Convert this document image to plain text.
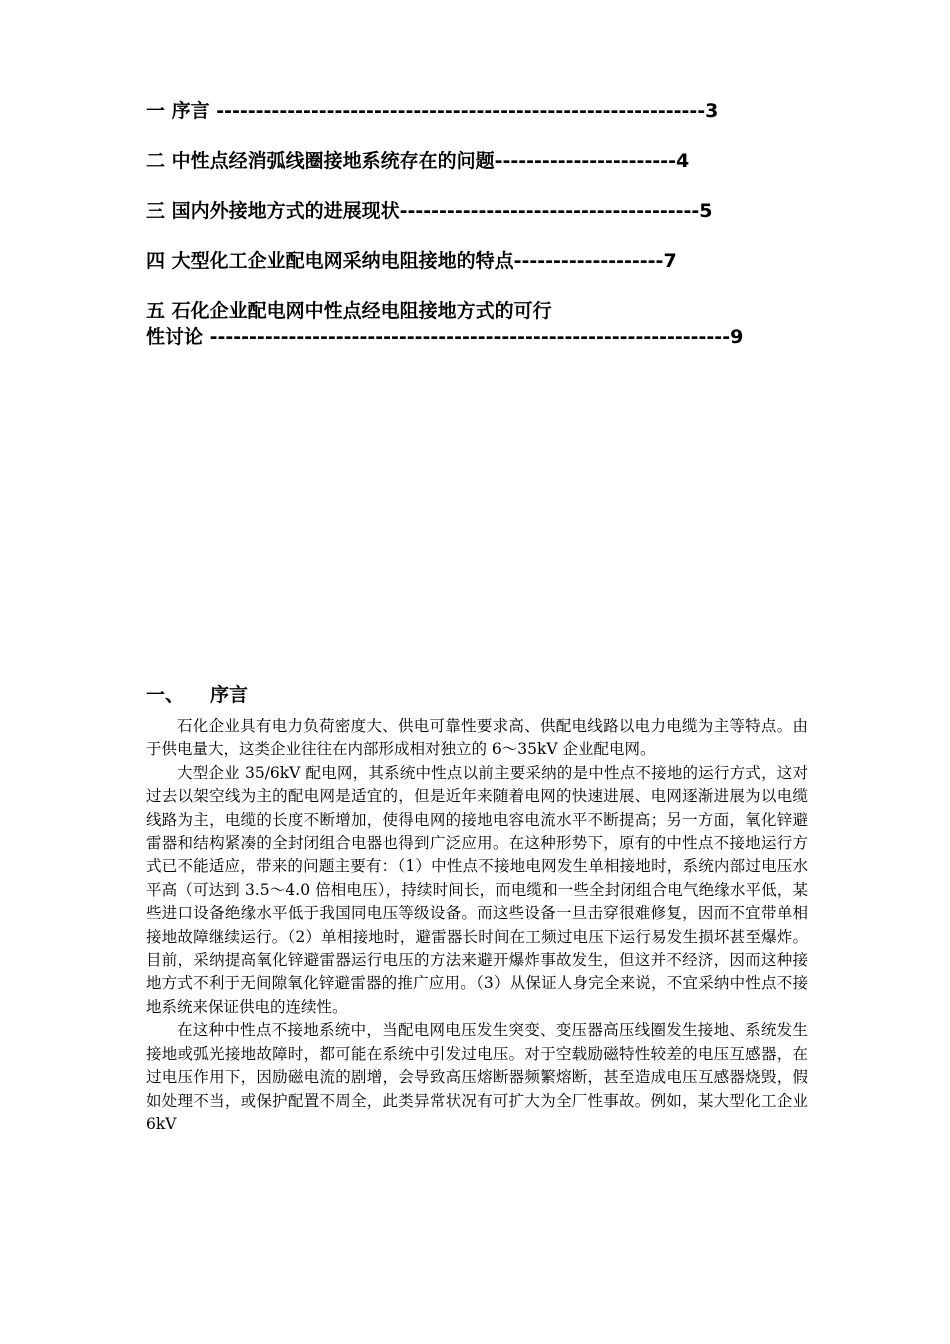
一 序言 --------------------------------------------------------------3
二 中性点经消弧线圈接地系统存在的问题-----------------------4
三 国内外接地方式的进展现状--------------------------------------5
四 大型化工企业配电网采纳电阻接地的特点-------------------7
五 石化企业配电网中性点经电阻接地方式的可行
性讨论 ------------------------------------------------------------------9
一、 序言

石化企业具有电力负荷密度大、供电可靠性要求高、供配电线路以电力电缆为主等特点。由于供电量大，这类企业往往在内部形成相对独立的 6～35kV 企业配电网。

大型企业 35/6kV 配电网，其系统中性点以前主要采纳的是中性点不接地的运行方式，这对过去以架空线为主的配电网是适宜的，但是近年来随着电网的快速进展、电网逐渐进展为以电缆线路为主，电缆的长度不断增加，使得电网的接地电容电流水平不断提高；另一方面，氧化锌避雷器和结构紧凑的全封闭组合电器也得到广泛应用。在这种形势下，原有的中性点不接地运行方式已不能适应，带来的问题主要有：（1）中性点不接地电网发生单相接地时，系统内部过电压水平高（可达到 3.5～4.0 倍相电压），持续时间长，而电缆和一些全封闭组合电气绝缘水平低，某些进口设备绝缘水平低于我国同电压等级设备。而这些设备一旦击穿很难修复，因而不宜带单相接地故障继续运行。（2）单相接地时，避雷器长时间在工频过电压下运行易发生损坏甚至爆炸。目前，采纳提高氧化锌避雷器运行电压的方法来避开爆炸事故发生，但这并不经济，因而这种接地方式不利于无间隙氧化锌避雷器的推广应用。（3）从保证人身完全来说，不宜采纳中性点不接地系统来保证供电的连续性。

在这种中性点不接地系统中，当配电网电压发生突变、变压器高压线圈发生接地、系统发生接地或弧光接地故障时，都可能在系统中引发过电压。对于空载励磁特性较差的电压互感器，在过电压作用下，因励磁电流的剧增，会导致高压熔断器频繁熔断，甚至造成电压互感器烧毁，假如处理不当，或保护配置不周全，此类异常状况有可扩大为全厂性事故。例如，某大型化工企业 6kV
